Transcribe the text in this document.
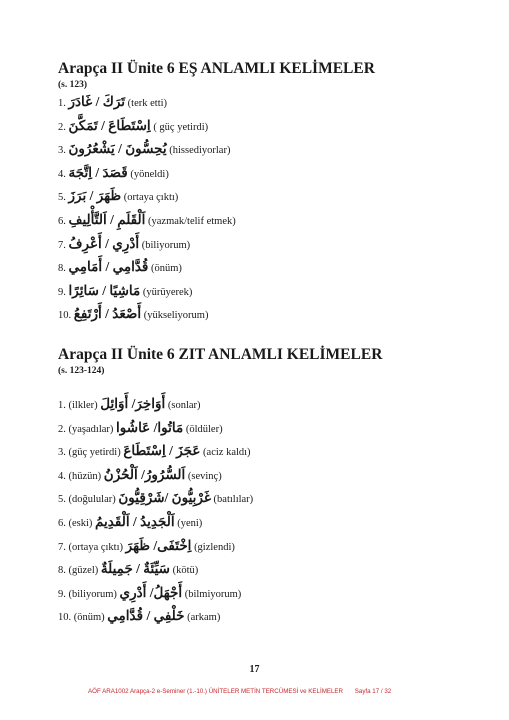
Arapça II Ünite 6 EŞ ANLAMLI KELİMELER
(s. 123)
1. تَرَكَ / غَادَرَ (terk etti)
2. اِسْتَطَاعَ / تَمَكَّنَ ( güç yetirdi)
3. يُحِسُّونَ / يَشْعُرُونَ (hissediyorlar)
4. قَصَدَ / اِتَّجَهَ (yöneldi)
5. ظَهَرَ / بَرَزَ (ortaya çıktı)
6. اَلْقَلَمِ / اَلتَّأْلِيفِ (yazmak/telif etmek)
7. أَدْرِي / أَعْرِفُ (biliyorum)
8. قُدَّامِي / أَمَامِي (önüm)
9. مَاشِيًا / سَائِرًا (yürüyerek)
10. أَصْعَدُ / أَرْتَفِعُ (yükseliyorum)
Arapça II Ünite 6 ZIT ANLAMLI KELİMELER
(s. 123-124)
1. (ilkler) أَوَاخِرَ/ أَوَائِلَ (sonlar)
2. (yaşadılar) مَاتُوا/ عَاشُوا (öldüler)
3. (güç yetirdi) عَجَزَ / اِسْتَطَاعَ (aciz kaldı)
4. (hüzün) اَلسُّرُورُ/ اَلْحُزْنُ (sevinç)
5. (doğulular) غَرْبِيُّونَ /شَرْقِيُّونَ (batılılar)
6. (eski) اَلْجَدِيدُ / اَلْقَدِيمُ (yeni)
7. (ortaya çıktı) اِخْتَفَى/ ظَهَرَ (gizlendi)
8. (güzel) سَيِّئَةٌ / جَمِيلَةٌ (kötü)
9. (biliyorum) أَجْهَلُ/ أَدْرِي (bilmiyorum)
10. (önüm) خَلْفِي / قُدَّامِي (arkam)
17
AÖF ARA1002 Arapça-2 e-Seminer (1.-10.) ÜNİTELER METİN TERCÜMESİ ve KELİMELER Sayfa 17 / 32
